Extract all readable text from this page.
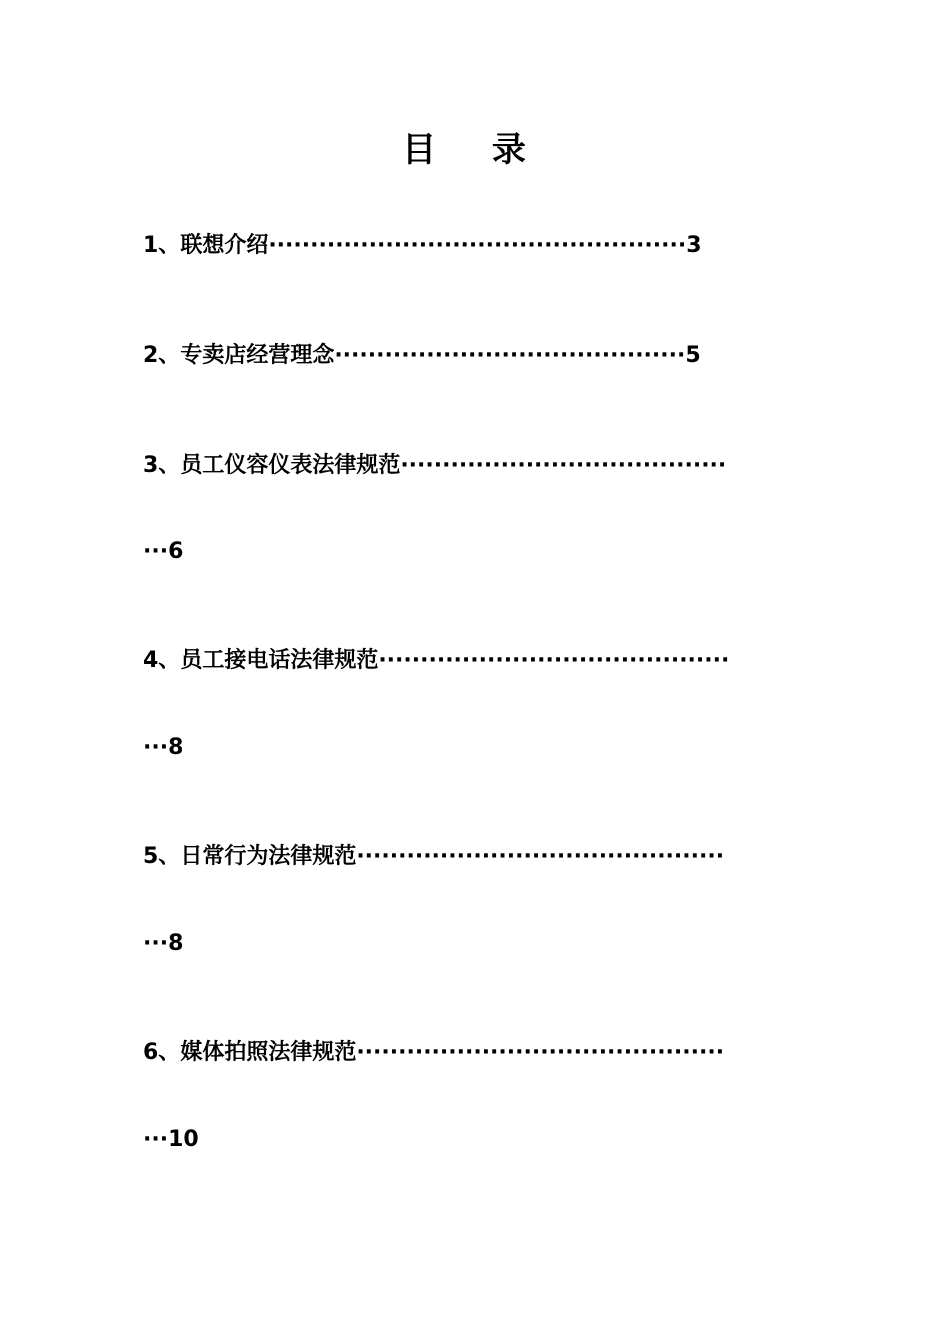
目 录
1、联想介绍··················································3
2、专卖店经营理念··········································5
3、员工仪容仪表法律规范·······································
···6
4、员工接电话法律规范··········································
···8
5、日常行为法律规范············································
···8
6、媒体拍照法律规范············································
···10
